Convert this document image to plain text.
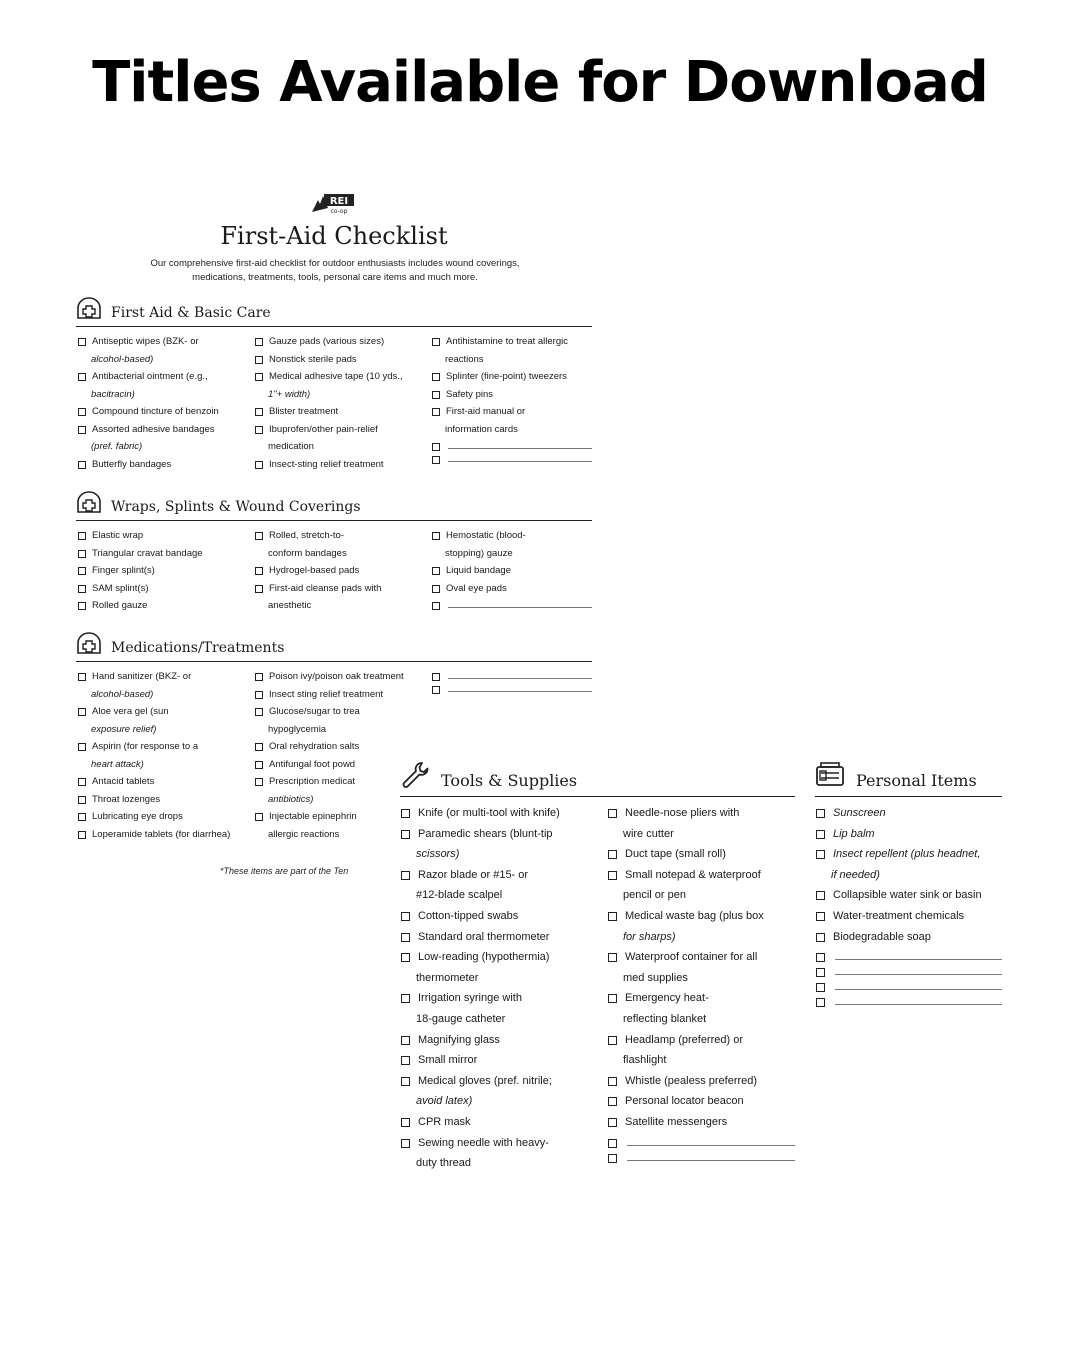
Titles Available for Download
REI
co-op
First-Aid Checklist
Our comprehensive first-aid checklist for outdoor enthusiasts includes wound coverings, medications, treatments, tools, personal care items and much more.
First Aid & Basic Care
Antiseptic wipes (BZK- or
alcohol-based)
Antibacterial ointment (e.g.,
bacitracin)
Compound tincture of benzoin
Assorted adhesive bandages
(pref. fabric)
Butterfly bandages
Gauze pads (various sizes)
Nonstick sterile pads
Medical adhesive tape (10 yds.,
1"+ width)
Blister treatment
Ibuprofen/other pain-relief
medication
Insect-sting relief treatment
Antihistamine to treat allergic
reactions
Splinter (fine-point) tweezers
Safety pins
First-aid manual or
information cards
Wraps, Splints & Wound Coverings
Elastic wrap
Triangular cravat bandage
Finger splint(s)
SAM splint(s)
Rolled gauze
Rolled, stretch-to-
conform bandages
Hydrogel-based pads
First-aid cleanse pads with
anesthetic
Hemostatic (blood-
stopping) gauze
Liquid bandage
Oval eye pads
Medications/Treatments
Hand sanitizer (BKZ- or
alcohol-based)
Aloe vera gel (sun
exposure relief)
Aspirin (for response to a
heart attack)
Antacid tablets
Throat lozenges
Lubricating eye drops
Loperamide tablets (for diarrhea)
Poison ivy/poison oak treatment
Insect sting relief treatment
Glucose/sugar to trea
hypoglycemia
Oral rehydration salts
Antifungal foot powd
Prescription medicat
antibiotics)
Injectable epinephrin
allergic reactions
*These items are part of the Ten
Tools & Supplies
Knife (or multi-tool with knife)
Paramedic shears (blunt-tip
scissors)
Razor blade or #15- or
#12-blade scalpel
Cotton-tipped swabs
Standard oral thermometer
Low-reading (hypothermia)
thermometer
Irrigation syringe with
18-gauge catheter
Magnifying glass
Small mirror
Medical gloves (pref. nitrile;
avoid latex)
CPR mask
Sewing needle with heavy-
duty thread
Needle-nose pliers with
wire cutter
Duct tape (small roll)
Small notepad & waterproof
pencil or pen
Medical waste bag (plus box
for sharps)
Waterproof container for all
med supplies
Emergency heat-
reflecting blanket
Headlamp (preferred) or
flashlight
Whistle (pealess preferred)
Personal locator beacon
Satellite messengers
Personal Items
Sunscreen
Lip balm
Insect repellent (plus headnet,
if needed)
Collapsible water sink or basin
Water-treatment chemicals
Biodegradable soap
